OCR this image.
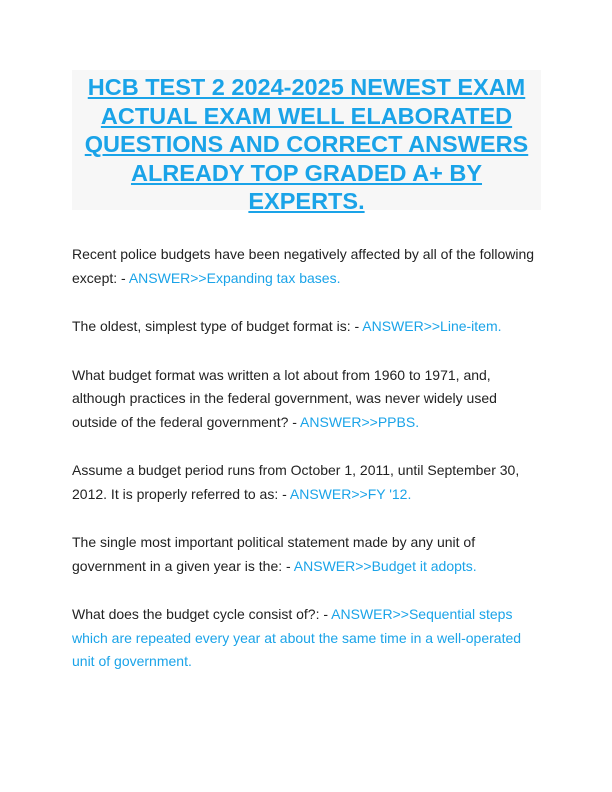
HCB TEST 2 2024-2025 NEWEST EXAM
ACTUAL EXAM WELL ELABORATED
QUESTIONS AND CORRECT ANSWERS
ALREADY TOP GRADED A+ BY
EXPERTS.

Recent police budgets have been negatively affected by all of the following except: - ANSWER>>Expanding tax bases.

The oldest, simplest type of budget format is: - ANSWER>>Line-item.

What budget format was written a lot about from 1960 to 1971, and, although practices in the federal government, was never widely used outside of the federal government? - ANSWER>>PPBS.

Assume a budget period runs from October 1, 2011, until September 30, 2012. It is properly referred to as: - ANSWER>>FY '12.

The single most important political statement made by any unit of government in a given year is the: - ANSWER>>Budget it adopts.

What does the budget cycle consist of?: - ANSWER>>Sequential steps which are repeated every year at about the same time in a well-operated unit of government.
